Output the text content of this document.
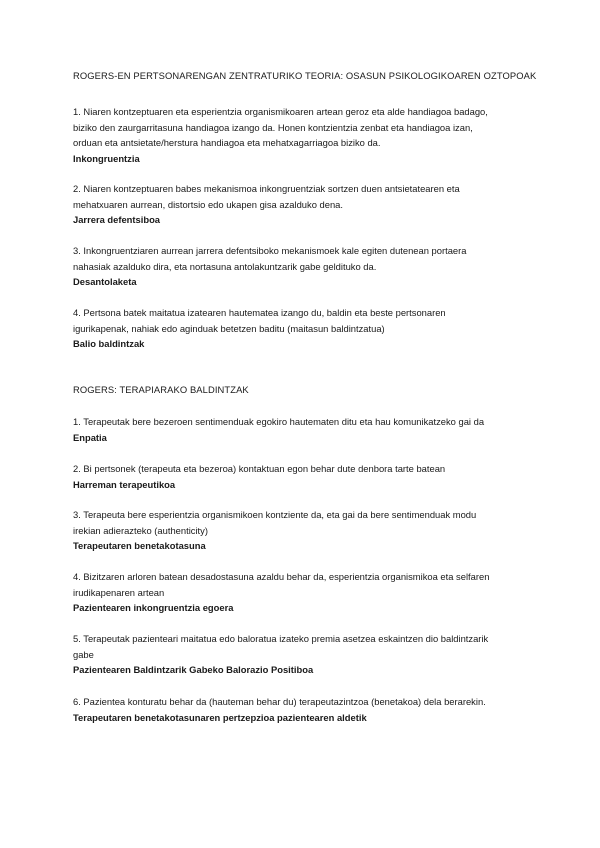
ROGERS-EN PERTSONARENGAN ZENTRATURIKO TEORIA: OSASUN PSIKOLOGIKOAREN OZTOPOAK
1. Niaren kontzeptuaren eta esperientzia organismikoaren artean geroz eta alde handiagoa badago,
biziko den zaurgarritasuna handiagoa izango da. Honen kontzientzia zenbat eta handiagoa izan,
orduan eta antsietate/herstura handiagoa eta mehatxagarriagoa biziko da.
Inkongruentzia
2. Niaren kontzeptuaren babes mekanismoa inkongruentziak sortzen duen antsietatearen eta
mehatxuaren aurrean, distortsio edo ukapen gisa azalduko dena.
Jarrera defentsiboa
3. Inkongruentziaren aurrean jarrera defentsiboko mekanismoek kale egiten dutenean portaera
nahasiak azalduko dira, eta nortasuna antolakuntzarik gabe geldituko da.
Desantolaketa
4. Pertsona batek maitatua izatearen hautematea izango du, baldin eta beste pertsonaren
igurikapenak, nahiak edo aginduak betetzen baditu (maitasun baldintzatua)
Balio baldintzak
ROGERS: TERAPIARAKO BALDINTZAK
1. Terapeutak bere bezeroen sentimenduak egokiro hautematen ditu eta hau komunikatzeko gai da
Enpatia
2. Bi pertsonek (terapeuta eta bezeroa) kontaktuan egon behar dute denbora tarte batean
Harreman terapeutikoa
3. Terapeuta bere esperientzia organismikoen kontziente da, eta gai da bere sentimenduak modu
irekian adierazteko (authenticity)
Terapeutaren benetakotasuna
4. Bizitzaren arloren batean desadostasuna azaldu behar da, esperientzia organismikoa eta selfaren
irudikapenaren artean
Pazientearen inkongruentzia egoera
5. Terapeutak pazienteari maitatua edo baloratua izateko premia asetzea eskaintzen dio baldintzarik
gabe
Pazientearen Baldintzarik Gabeko Balorazio Positiboa
6. Pazientea konturatu behar da (hauteman behar du) terapeutazintzoa (benetakoa) dela berarekin.
Terapeutaren benetakotasunaren pertzepzioa pazientearen aldetik
